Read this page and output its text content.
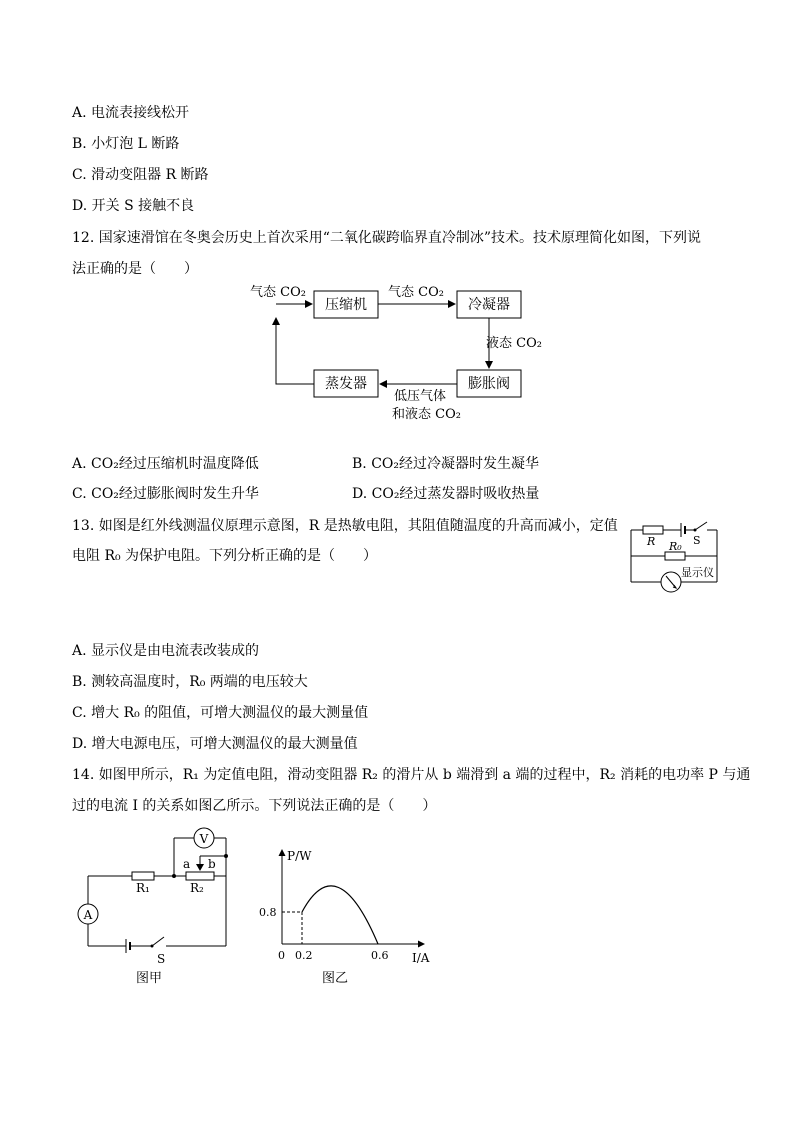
A. 电流表接线松开
B. 小灯泡 L 断路
C. 滑动变阻器 R 断路
D. 开关 S 接触不良
12. 国家速滑馆在冬奥会历史上首次采用“二氧化碳跨临界直冷制冰”技术。技术原理简化如图，下列说
法正确的是（　　）
压缩机	冷凝器
膨胀阀
蒸发器
气态 CO₂	气态 CO₂
液态 CO₂
低压气体
和液态 CO₂
A. CO₂经过压缩机时温度降低	B. CO₂经过冷凝器时发生凝华
C. CO₂经过膨胀阀时发生升华	D. CO₂经过蒸发器时吸收热量
13. 如图是红外线测温仪原理示意图，R 是热敏电阻，其阻值随温度的升高而减小，定值
电阻 R₀ 为保护电阻。下列分析正确的是（　　）
R R₀ S
显示仪
A. 显示仪是由电流表改装成的
B. 测较高温度时，R₀ 两端的电压较大
C. 增大 R₀ 的阻值，可增大测温仪的最大测量值
D. 增大电源电压，可增大测温仪的最大测量值
14. 如图甲所示，R₁ 为定值电阻，滑动变阻器 R₂ 的滑片从 b 端滑到 a 端的过程中，R₂ 消耗的电功率 P 与通
过的电流 I 的关系如图乙所示。下列说法正确的是（　　）
V
A
R₁	R₂
a b
S
图甲
P/W
I/A
0
0.8
0.2	0.6
图乙
